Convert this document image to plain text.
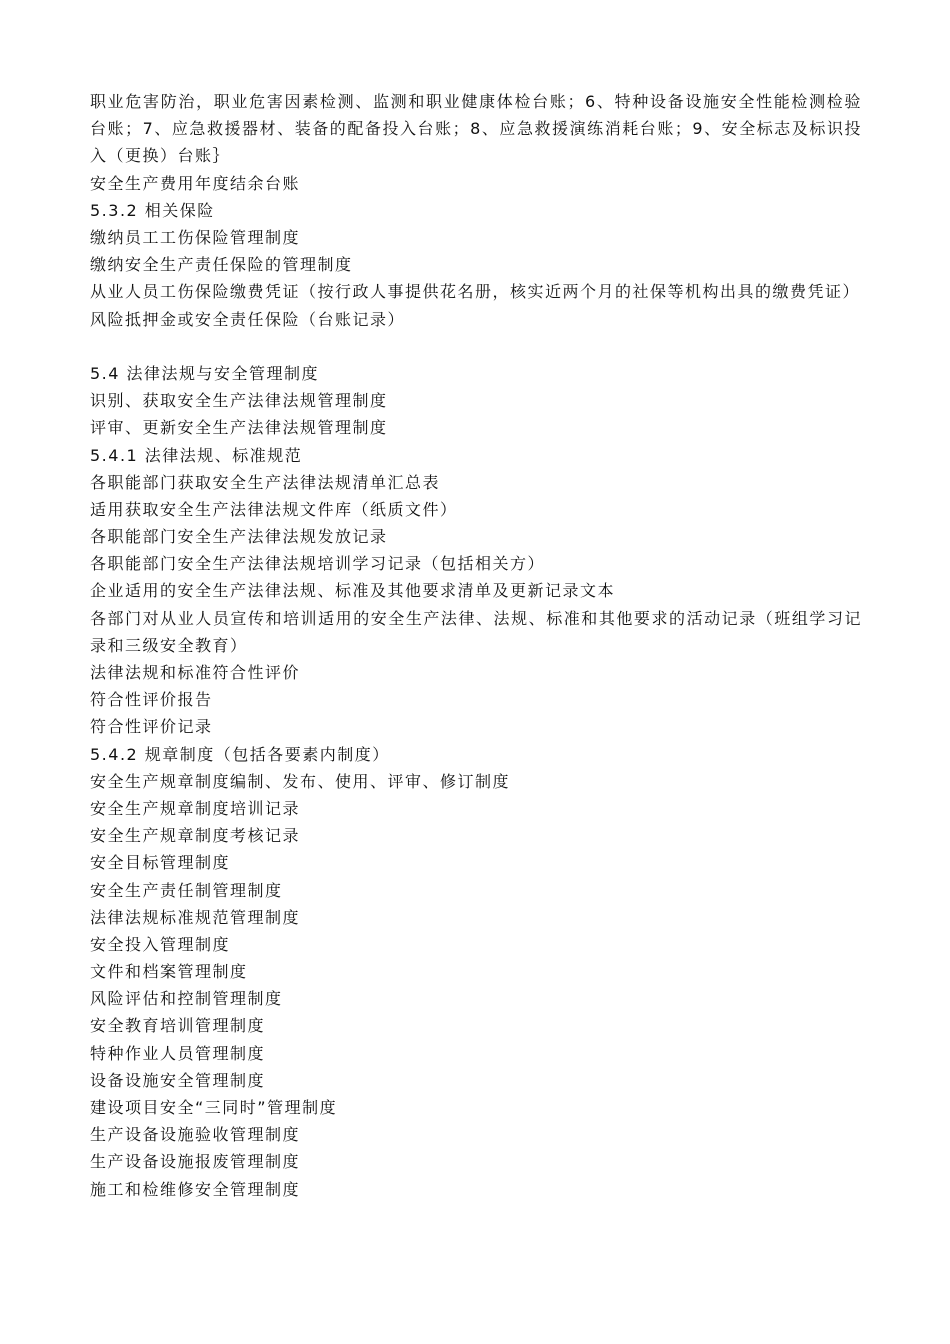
职业危害防治，职业危害因素检测、监测和职业健康体检台账；6、特种设备设施安全性能检测检验台账；7、应急救援器材、装备的配备投入台账；8、应急救援演练消耗台账；9、安全标志及标识投入（更换）台账｝
安全生产费用年度结余台账
5.3.2 相关保险
缴纳员工工伤保险管理制度
缴纳安全生产责任保险的管理制度
从业人员工伤保险缴费凭证（按行政人事提供花名册，核实近两个月的社保等机构出具的缴费凭证）
风险抵押金或安全责任保险（台账记录）
5.4 法律法规与安全管理制度
识别、获取安全生产法律法规管理制度
评审、更新安全生产法律法规管理制度
5.4.1 法律法规、标准规范
各职能部门获取安全生产法律法规清单汇总表
适用获取安全生产法律法规文件库（纸质文件）
各职能部门安全生产法律法规发放记录
各职能部门安全生产法律法规培训学习记录（包括相关方）
企业适用的安全生产法律法规、标准及其他要求清单及更新记录文本
各部门对从业人员宣传和培训适用的安全生产法律、法规、标准和其他要求的活动记录（班组学习记录和三级安全教育）
法律法规和标准符合性评价
符合性评价报告
符合性评价记录
5.4.2 规章制度（包括各要素内制度）
安全生产规章制度编制、发布、使用、评审、修订制度
安全生产规章制度培训记录
安全生产规章制度考核记录
安全目标管理制度
安全生产责任制管理制度
法律法规标准规范管理制度
安全投入管理制度
文件和档案管理制度
风险评估和控制管理制度
安全教育培训管理制度
特种作业人员管理制度
设备设施安全管理制度
建设项目安全“三同时”管理制度
生产设备设施验收管理制度
生产设备设施报废管理制度
施工和检维修安全管理制度
